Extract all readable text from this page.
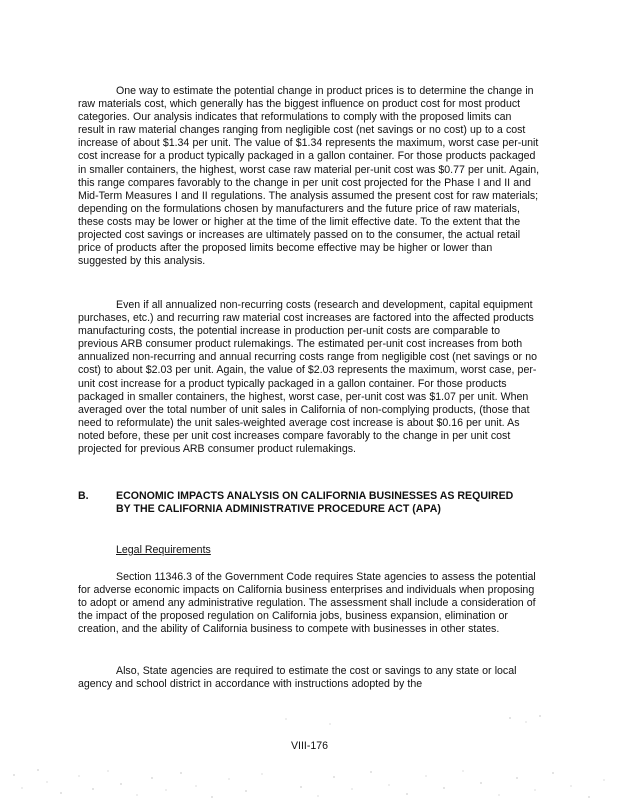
One way to estimate the potential change in product prices is to determine the change in raw materials cost, which generally has the biggest influence on product cost for most product categories. Our analysis indicates that reformulations to comply with the proposed limits can result in raw material changes ranging from negligible cost (net savings or no cost) up to a cost increase of about $1.34 per unit. The value of $1.34 represents the maximum, worst case per-unit cost increase for a product typically packaged in a gallon container. For those products packaged in smaller containers, the highest, worst case raw material per-unit cost was $0.77 per unit. Again, this range compares favorably to the change in per unit cost projected for the Phase I and II and Mid-Term Measures I and II regulations. The analysis assumed the present cost for raw materials; depending on the formulations chosen by manufacturers and the future price of raw materials, these costs may be lower or higher at the time of the limit effective date. To the extent that the projected cost savings or increases are ultimately passed on to the consumer, the actual retail price of products after the proposed limits become effective may be higher or lower than suggested by this analysis.

Even if all annualized non-recurring costs (research and development, capital equipment purchases, etc.) and recurring raw material cost increases are factored into the affected products manufacturing costs, the potential increase in production per-unit costs are comparable to previous ARB consumer product rulemakings. The estimated per-unit cost increases from both annualized non-recurring and annual recurring costs range from negligible cost (net savings or no cost) to about $2.03 per unit. Again, the value of $2.03 represents the maximum, worst case, per-unit cost increase for a product typically packaged in a gallon container. For those products packaged in smaller containers, the highest, worst case, per-unit cost was $1.07 per unit. When averaged over the total number of unit sales in California of non-complying products, (those that need to reformulate) the unit sales-weighted average cost increase is about $0.16 per unit. As noted before, these per unit cost increases compare favorably to the change in per unit cost projected for previous ARB consumer product rulemakings.

B.	ECONOMIC IMPACTS ANALYSIS ON CALIFORNIA BUSINESSES AS REQUIRED BY THE CALIFORNIA ADMINISTRATIVE PROCEDURE ACT (APA)
Legal Requirements

Section 11346.3 of the Government Code requires State agencies to assess the potential for adverse economic impacts on California business enterprises and individuals when proposing to adopt or amend any administrative regulation. The assessment shall include a consideration of the impact of the proposed regulation on California jobs, business expansion, elimination or creation, and the ability of California business to compete with businesses in other states.

Also, State agencies are required to estimate the cost or savings to any state or local agency and school district in accordance with instructions adopted by the

VIII-176
